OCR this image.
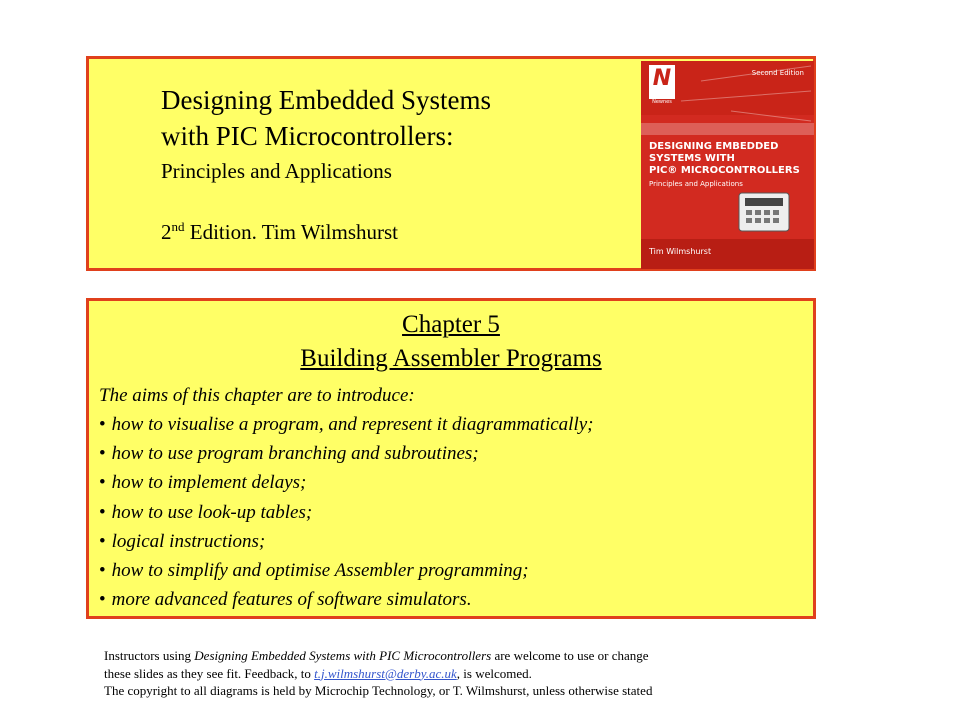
Designing Embedded Systems
with PIC Microcontrollers:
Principles and Applications
2nd Edition. Tim Wilmshurst
N
Newnes
Second Edition
DESIGNING EMBEDDED
SYSTEMS WITH
PIC® MICROCONTROLLERS
Principles and Applications
Tim Wilmshurst
Chapter 5
Building Assembler Programs
The aims of this chapter are to introduce:
• how to visualise a program, and represent it diagrammatically;
• how to use program branching and subroutines;
• how to implement delays;
• how to use look-up tables;
• logical instructions;
• how to simplify and optimise Assembler programming;
• more advanced features of software simulators.
Instructors using Designing Embedded Systems with PIC Microcontrollers are welcome to use or change
these slides as they see fit. Feedback, to t.j.wilmshurst@derby.ac.uk, is welcomed.
The copyright to all diagrams is held by Microchip Technology, or T. Wilmshurst, unless otherwise stated
